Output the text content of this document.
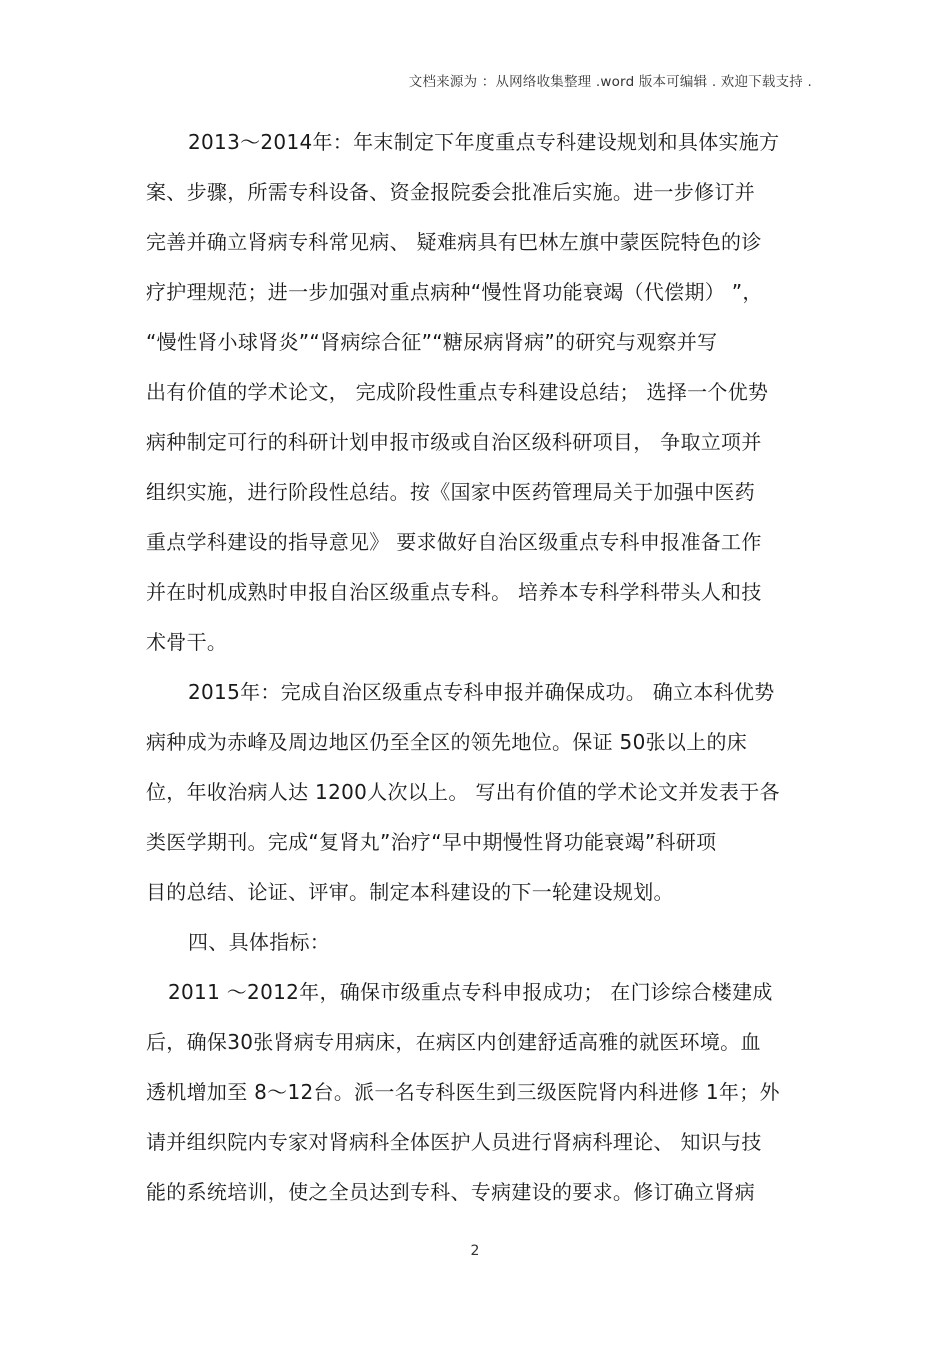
文档来源为 ：从网络收集整理 .word 版本可编辑 . 欢迎下载支持 .
2013～2014年：年末制定下年度重点专科建设规划和具体实施方
案、步骤，所需专科设备、资金报院委会批准后实施。进一步修订并
完善并确立肾病专科常见病、 疑难病具有巴林左旗中蒙医院特色的诊
疗护理规范；进一步加强对重点病种“慢性肾功能衰竭（代偿期） ”，
“慢性肾小球肾炎”“肾病综合征”“糖尿病肾病”的研究与观察并写
出有价值的学术论文， 完成阶段性重点专科建设总结； 选择一个优势
病种制定可行的科研计划申报市级或自治区级科研项目， 争取立项并
组织实施，进行阶段性总结。按《国家中医药管理局关于加强中医药
重点学科建设的指导意见》 要求做好自治区级重点专科申报准备工作
并在时机成熟时申报自治区级重点专科。 培养本专科学科带头人和技
术骨干。
2015年：完成自治区级重点专科申报并确保成功。 确立本科优势
病种成为赤峰及周边地区仍至全区的领先地位。保证 50张以上的床
位，年收治病人达 1200人次以上。 写出有价值的学术论文并发表于各
类医学期刊。完成“复肾丸”治疗“早中期慢性肾功能衰竭”科研项
目的总结、论证、评审。制定本科建设的下一轮建设规划。
四、具体指标：
2011 ～2012年，确保市级重点专科申报成功； 在门诊综合楼建成
后，确保30张肾病专用病床，在病区内创建舒适高雅的就医环境。血
透机增加至 8～12台。派一名专科医生到三级医院肾内科进修 1年；外
请并组织院内专家对肾病科全体医护人员进行肾病科理论、 知识与技
能的系统培训，使之全员达到专科、专病建设的要求。修订确立肾病
2
